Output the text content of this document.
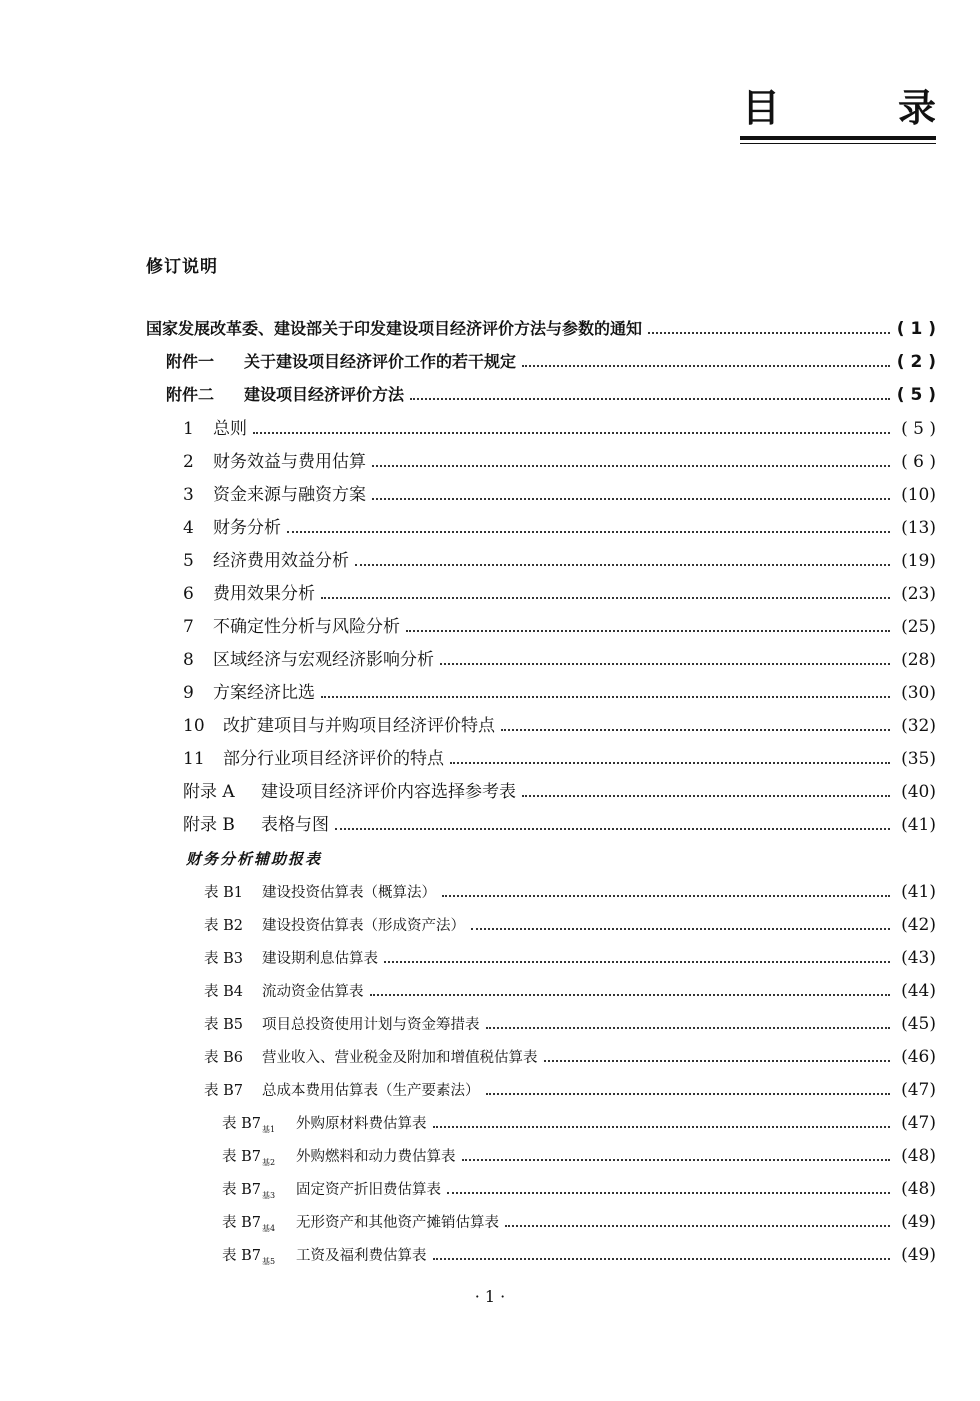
目	录
修订说明
国家发展改革委、建设部关于印发建设项目经济评价方法与参数的通知	( 1 )
附件一	关于建设项目经济评价工作的若干规定	( 2 )
附件二	建设项目经济评价方法	( 5 )
1	总则	( 5 )
2	财务效益与费用估算	( 6 )
3	资金来源与融资方案	(10)
4	财务分析	(13)
5	经济费用效益分析	(19)
6	费用效果分析	(23)
7	不确定性分析与风险分析	(25)
8	区域经济与宏观经济影响分析	(28)
9	方案经济比选	(30)
10	改扩建项目与并购项目经济评价特点	(32)
11	部分行业项目经济评价的特点	(35)
附录 A	建设项目经济评价内容选择参考表	(40)
附录 B	表格与图	(41)
财务分析辅助报表
表 B1	建设投资估算表（概算法）	(41)
表 B2	建设投资估算表（形成资产法）	(42)
表 B3	建设期利息估算表	(43)
表 B4	流动资金估算表	(44)
表 B5	项目总投资使用计划与资金筹措表	(45)
表 B6	营业收入、营业税金及附加和增值税估算表	(46)
表 B7	总成本费用估算表（生产要素法）	(47)
表 $B7_{基1}$	外购原材料费估算表	(47)
表 $B7_{基2}$	外购燃料和动力费估算表	(48)
表 $B7_{基3}$	固定资产折旧费估算表	(48)
表 $B7_{基4}$	无形资产和其他资产摊销估算表	(49)
表 $B7_{基5}$	工资及福利费估算表	(49)
· 1 ·
